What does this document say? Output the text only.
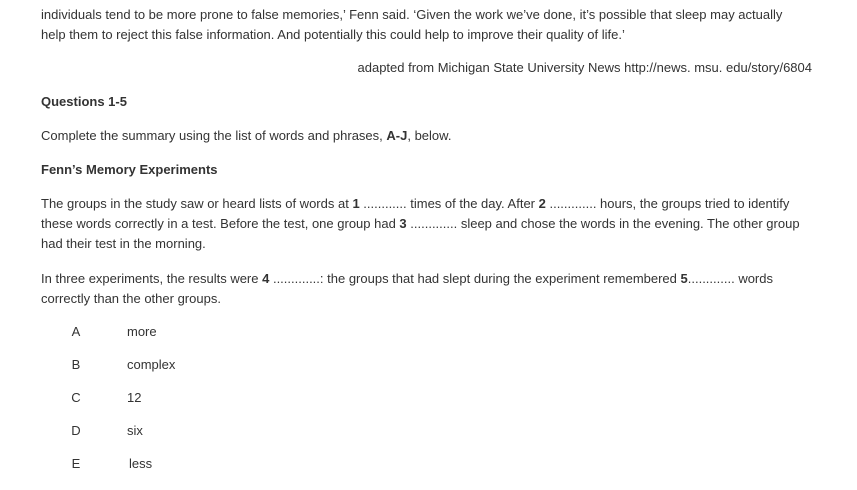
individuals tend to be more prone to false memories,’ Fenn said. ‘Given the work we’ve done, it’s possible that sleep may actually

help them to reject this false information. And potentially this could help to improve their quality of life.’

adapted from Michigan State University News http://news. msu. edu/story/6804

Questions 1-5

Complete the summary using the list of words and phrases, A-J, below.

Fenn’s Memory Experiments

The groups in the study saw or heard lists of words at 1 ............ times of the day. After 2 ............. hours, the groups tried to identify these words correctly in a test. Before the test, one group had 3 ............. sleep and chose the words in the evening. The other group had their test in the morning.

In three experiments, the results were 4 .............: the groups that had slept during the experiment remembered 5............. words correctly than the other groups.

A	more
B	complex
C	12
D	six
E	less
